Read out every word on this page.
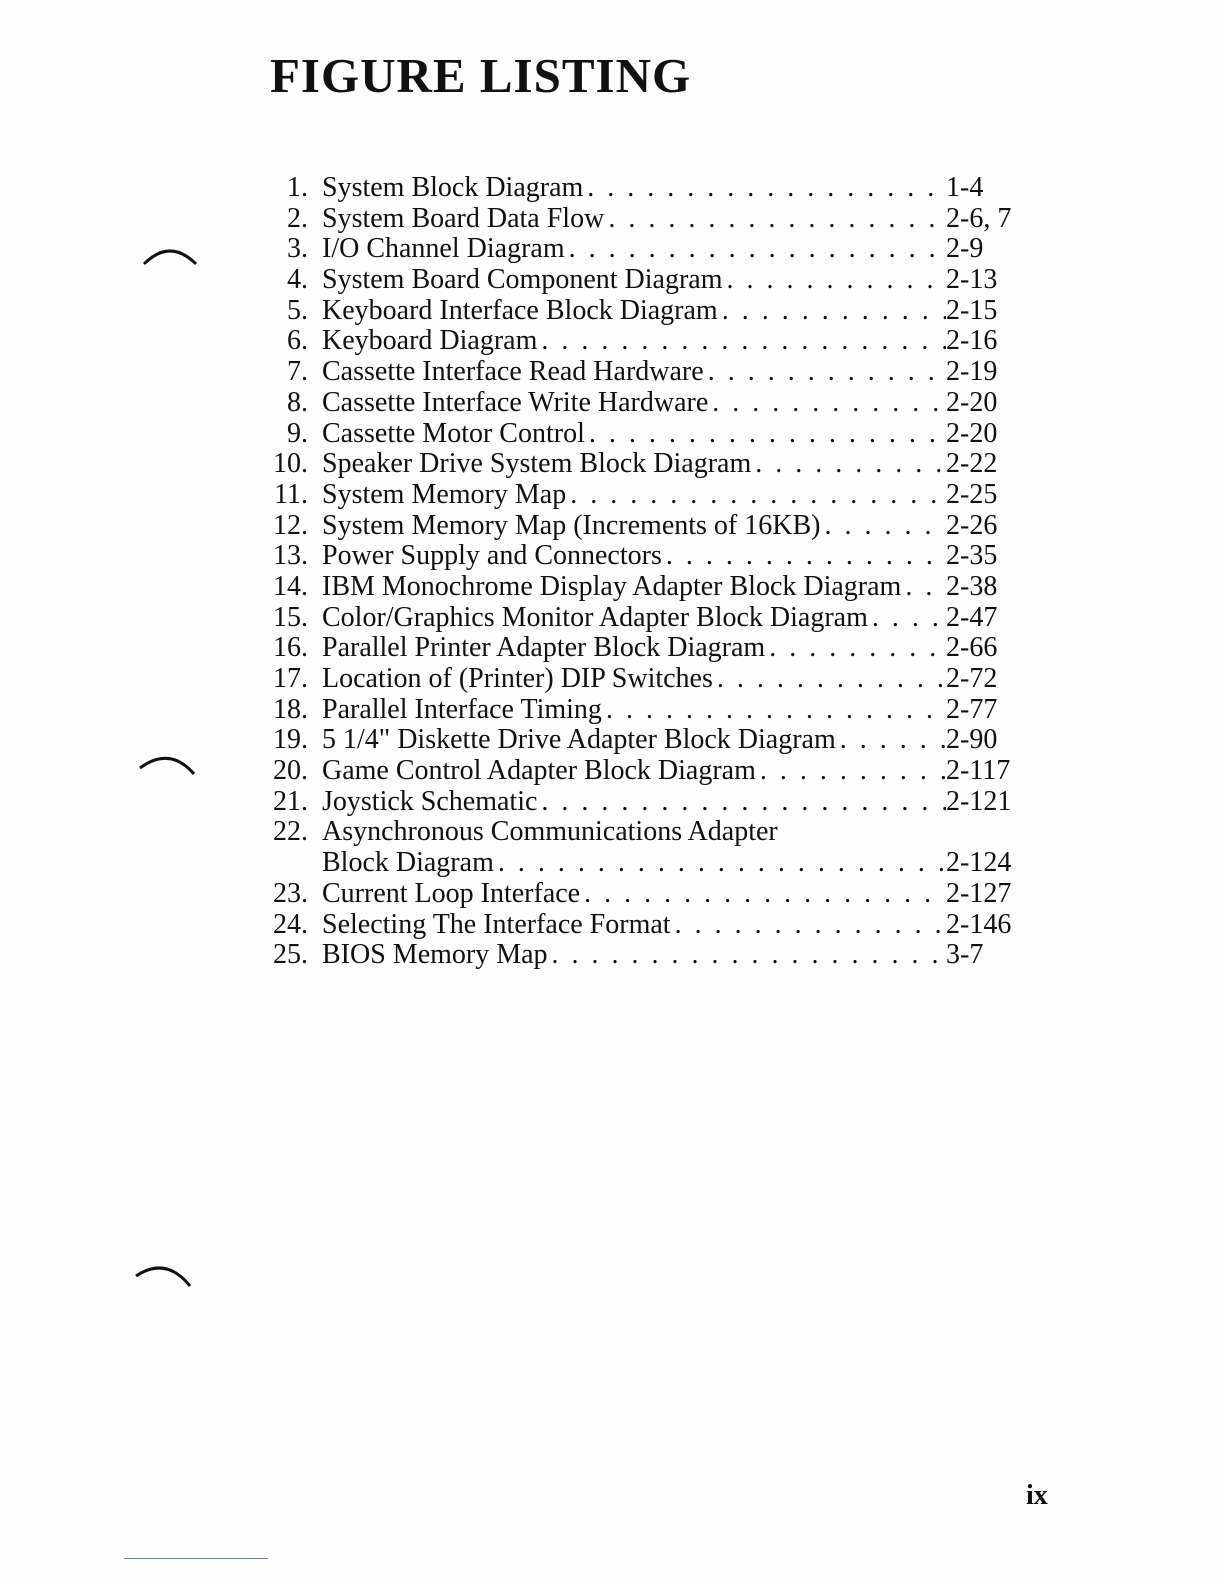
FIGURE LISTING
1. System Block Diagram . . .	1-4
2. System Board Data Flow . . .	2-6, 7
3. I/O Channel Diagram . . .	2-9
4. System Board Component Diagram . . .	2-13
5. Keyboard Interface Block Diagram . . .	2-15
6. Keyboard Diagram . . .	2-16
7. Cassette Interface Read Hardware . . .	2-19
8. Cassette Interface Write Hardware . . .	2-20
9. Cassette Motor Control . . .	2-20
10. Speaker Drive System Block Diagram . . .	2-22
11. System Memory Map . . .	2-25
12. System Memory Map (Increments of 16KB) . . .	2-26
13. Power Supply and Connectors . . .	2-35
14. IBM Monochrome Display Adapter Block Diagram . . . 2-38
15. Color/Graphics Monitor Adapter Block Diagram . . .	2-47
16. Parallel Printer Adapter Block Diagram . . .	2-66
17. Location of (Printer) DIP Switches . . .	2-72
18. Parallel Interface Timing . . .	2-77
19. 5 1/4" Diskette Drive Adapter Block Diagram . . .	2-90
20. Game Control Adapter Block Diagram . . .	2-117
21. Joystick Schematic . . .	2-121
22. Asynchronous Communications Adapter
Block Diagram . . .	2-124
23. Current Loop Interface . . .	2-127
24. Selecting The Interface Format . . .	2-146
25. BIOS Memory Map . . .	3-7
ix
